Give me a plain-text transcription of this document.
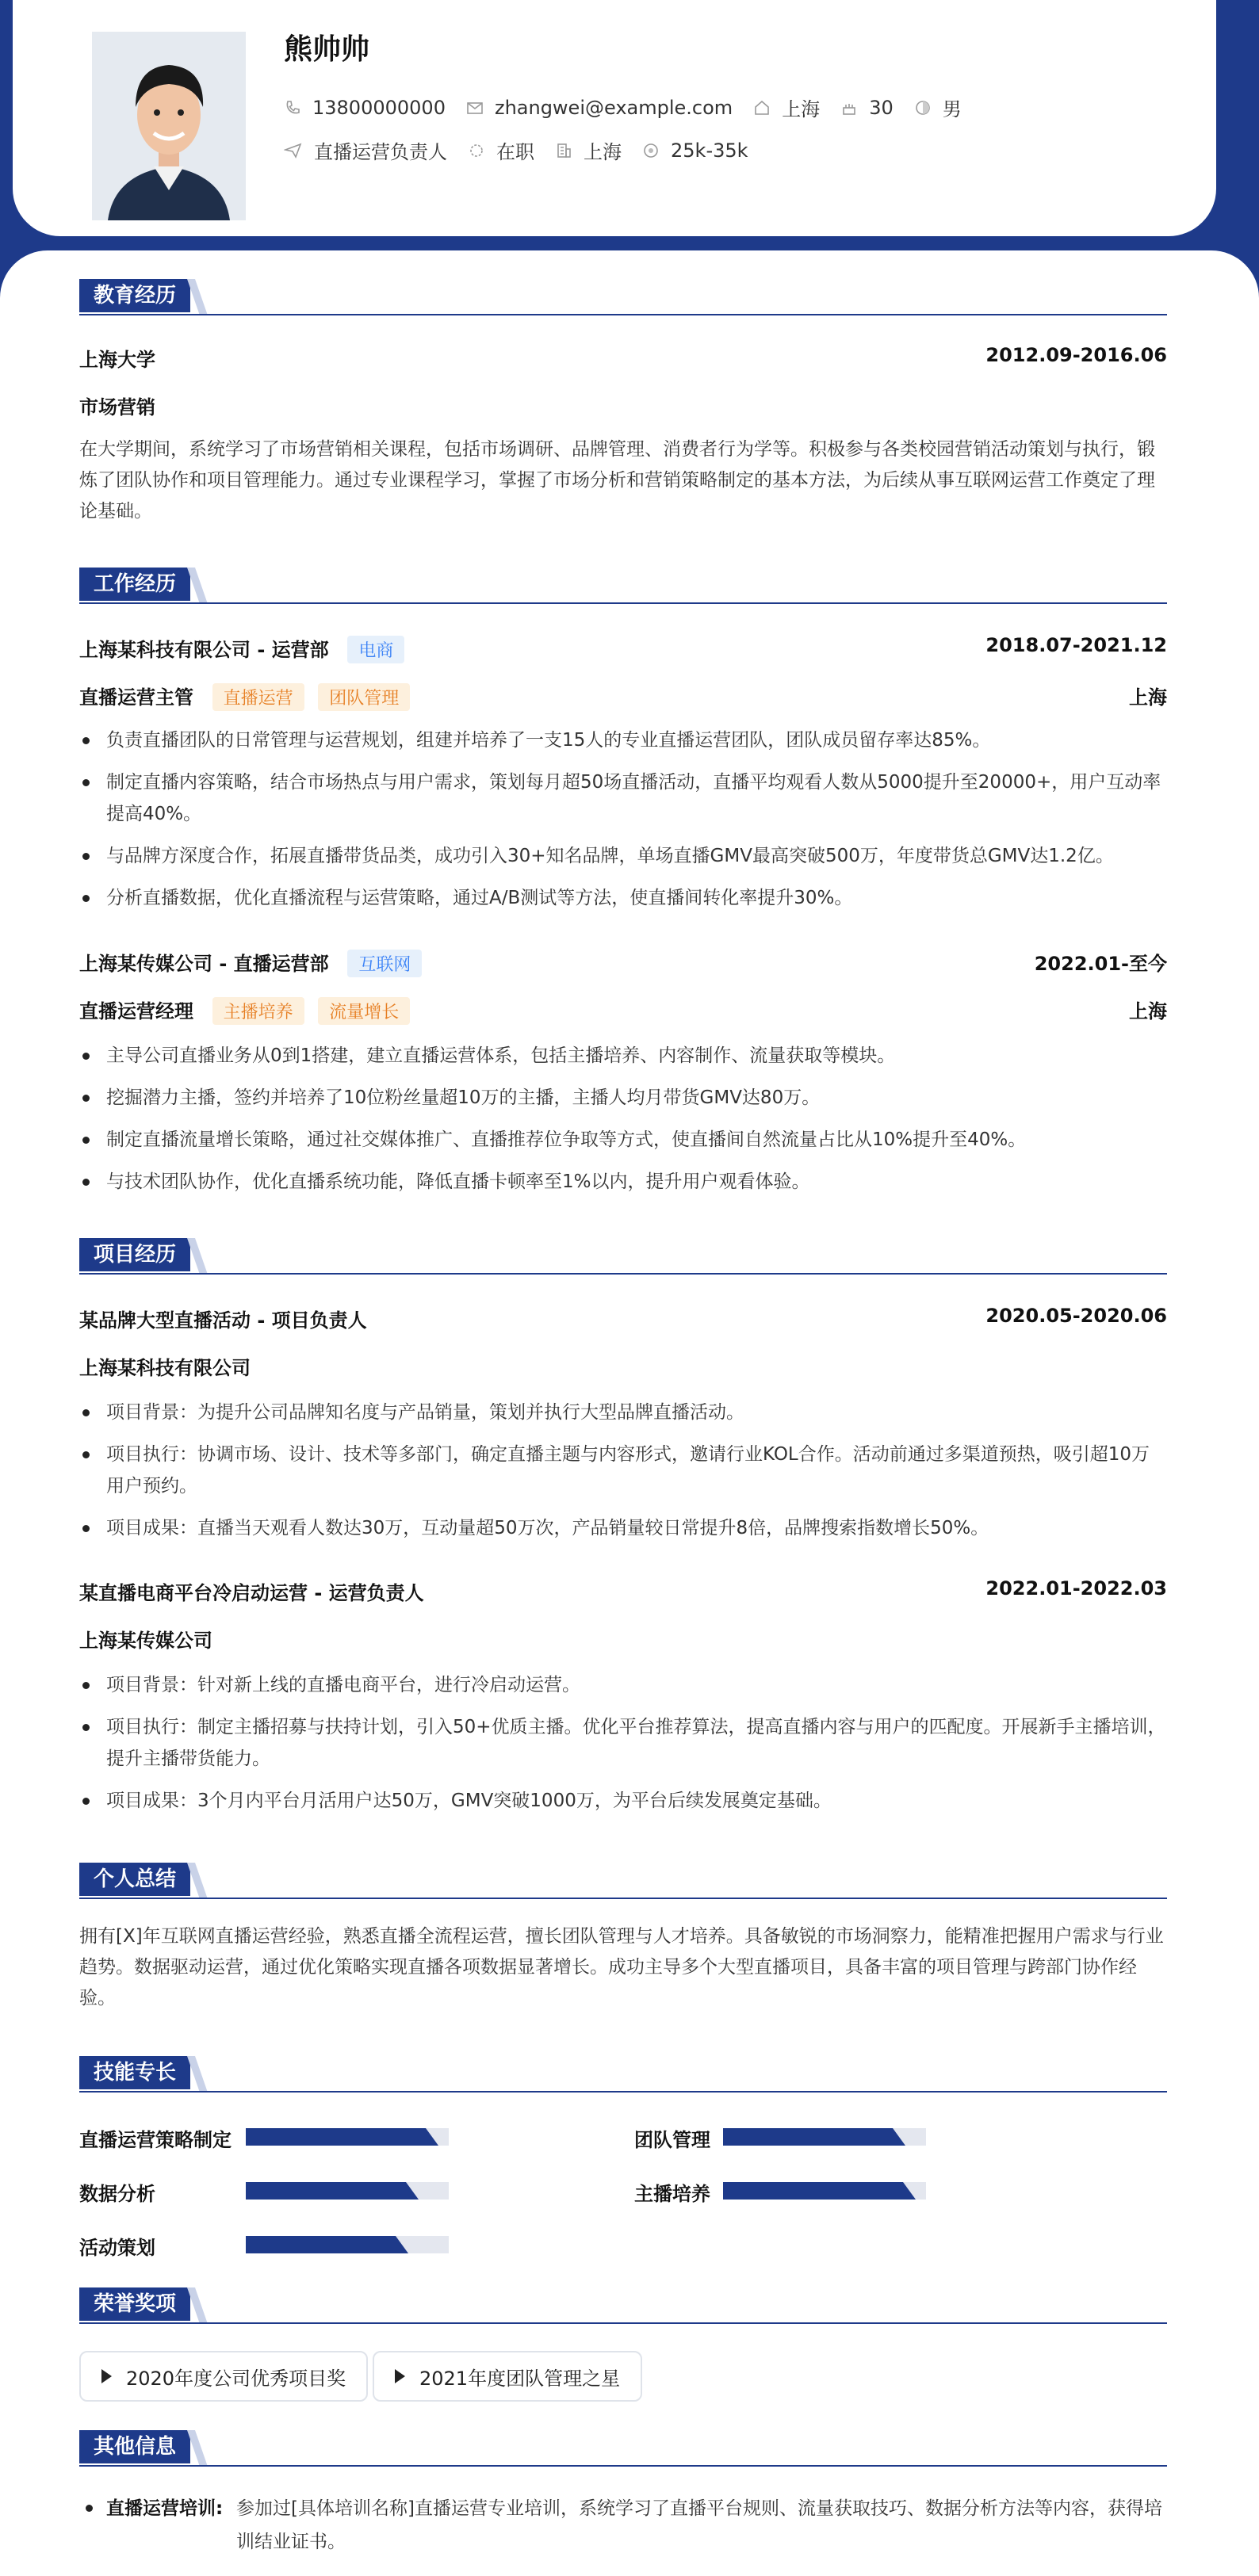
熊帅帅
13800000000	zhangwei@example.com	上海	30	男
直播运营负责人	在职	上海	25k-35k
教育经历
上海大学	2012.09-2016.06
市场营销

在大学期间，系统学习了市场营销相关课程，包括市场调研、品牌管理、消费者行为学等。积极参与各类校园营销活动策划与执行，锻炼了团队协作和项目管理能力。通过专业课程学习，掌握了市场分析和营销策略制定的基本方法，为后续从事互联网运营工作奠定了理论基础。

工作经历
上海某科技有限公司 - 运营部 电商	2018.07-2021.12
直播运营主管 直播运营 团队管理	上海
负责直播团队的日常管理与运营规划，组建并培养了一支15人的专业直播运营团队，团队成员留存率达85%。
制定直播内容策略，结合市场热点与用户需求，策划每月超50场直播活动，直播平均观看人数从5000提升至20000+，用户互动率提高40%。
与品牌方深度合作，拓展直播带货品类，成功引入30+知名品牌，单场直播GMV最高突破500万，年度带货总GMV达1.2亿。
分析直播数据，优化直播流程与运营策略，通过A/B测试等方法，使直播间转化率提升30%。
上海某传媒公司 - 直播运营部 互联网	2022.01-至今
直播运营经理 主播培养 流量增长	上海
主导公司直播业务从0到1搭建，建立直播运营体系，包括主播培养、内容制作、流量获取等模块。
挖掘潜力主播，签约并培养了10位粉丝量超10万的主播，主播人均月带货GMV达80万。
制定直播流量增长策略，通过社交媒体推广、直播推荐位争取等方式，使直播间自然流量占比从10%提升至40%。
与技术团队协作，优化直播系统功能，降低直播卡顿率至1%以内，提升用户观看体验。
项目经历
某品牌大型直播活动 - 项目负责人	2020.05-2020.06
上海某科技有限公司
项目背景：为提升公司品牌知名度与产品销量，策划并执行大型品牌直播活动。
项目执行：协调市场、设计、技术等多部门，确定直播主题与内容形式，邀请行业KOL合作。活动前通过多渠道预热，吸引超10万用户预约。
项目成果：直播当天观看人数达30万，互动量超50万次，产品销量较日常提升8倍，品牌搜索指数增长50%。
某直播电商平台冷启动运营 - 运营负责人	2022.01-2022.03
上海某传媒公司
项目背景：针对新上线的直播电商平台，进行冷启动运营。
项目执行：制定主播招募与扶持计划，引入50+优质主播。优化平台推荐算法，提高直播内容与用户的匹配度。开展新手主播培训，提升主播带货能力。
项目成果：3个月内平台月活用户达50万，GMV突破1000万，为平台后续发展奠定基础。
个人总结

拥有[X]年互联网直播运营经验，熟悉直播全流程运营，擅长团队管理与人才培养。具备敏锐的市场洞察力，能精准把握用户需求与行业趋势。数据驱动运营，通过优化策略实现直播各项数据显著增长。成功主导多个大型直播项目，具备丰富的项目管理与跨部门协作经验。

技能专长
直播运营策略制定	团队管理
数据分析	主播培养
活动策划
荣誉奖项
2020年度公司优秀项目奖	2021年度团队管理之星
其他信息
直播运营培训: 参加过[具体培训名称]直播运营专业培训，系统学习了直播平台规则、流量获取技巧、数据分析方法等内容，获得培训结业证书。
